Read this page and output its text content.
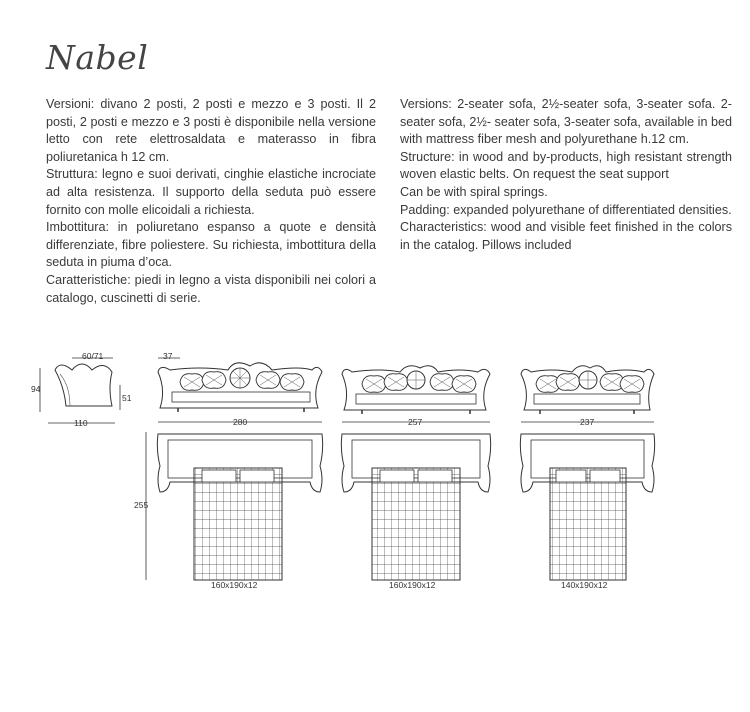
Nabel

Versioni: divano 2 posti, 2 posti e mezzo e 3 posti. Il 2 posti, 2 posti e mezzo e 3 posti è disponibile nella versione letto con rete elettrosaldata e materasso in fibra poliuretanica h 12 cm.

Struttura: legno e suoi derivati, cinghie elastiche incrociate ad alta resistenza. Il supporto della seduta può essere fornito con molle elicoidali a richiesta.

Imbottitura: in poliuretano espanso a quote e densità differenziate, fibre poliestere. Su richiesta, imbottitura della seduta in piuma d’oca.

Caratteristiche: piedi in legno a vista disponibili nei colori a catalogo, cuscinetti di serie.

Versions: 2-seater sofa, 2½-seater sofa, 3-seater sofa. 2-seater sofa, 2½- seater sofa, 3-seater sofa, available in bed with mattress fiber mesh and polyurethane h.12 cm.

Structure: in wood and by-products, high resistant strength woven elastic belts. On request the seat support

Can be with spiral springs.

Padding: expanded polyurethane of differentiated densities.

Characteristics: wood and visible feet finished in the colors in the catalog. Pillows included

60/71
94
51
110
37
280	257	237
255
160x190x12	160x190x12	140x190x12
